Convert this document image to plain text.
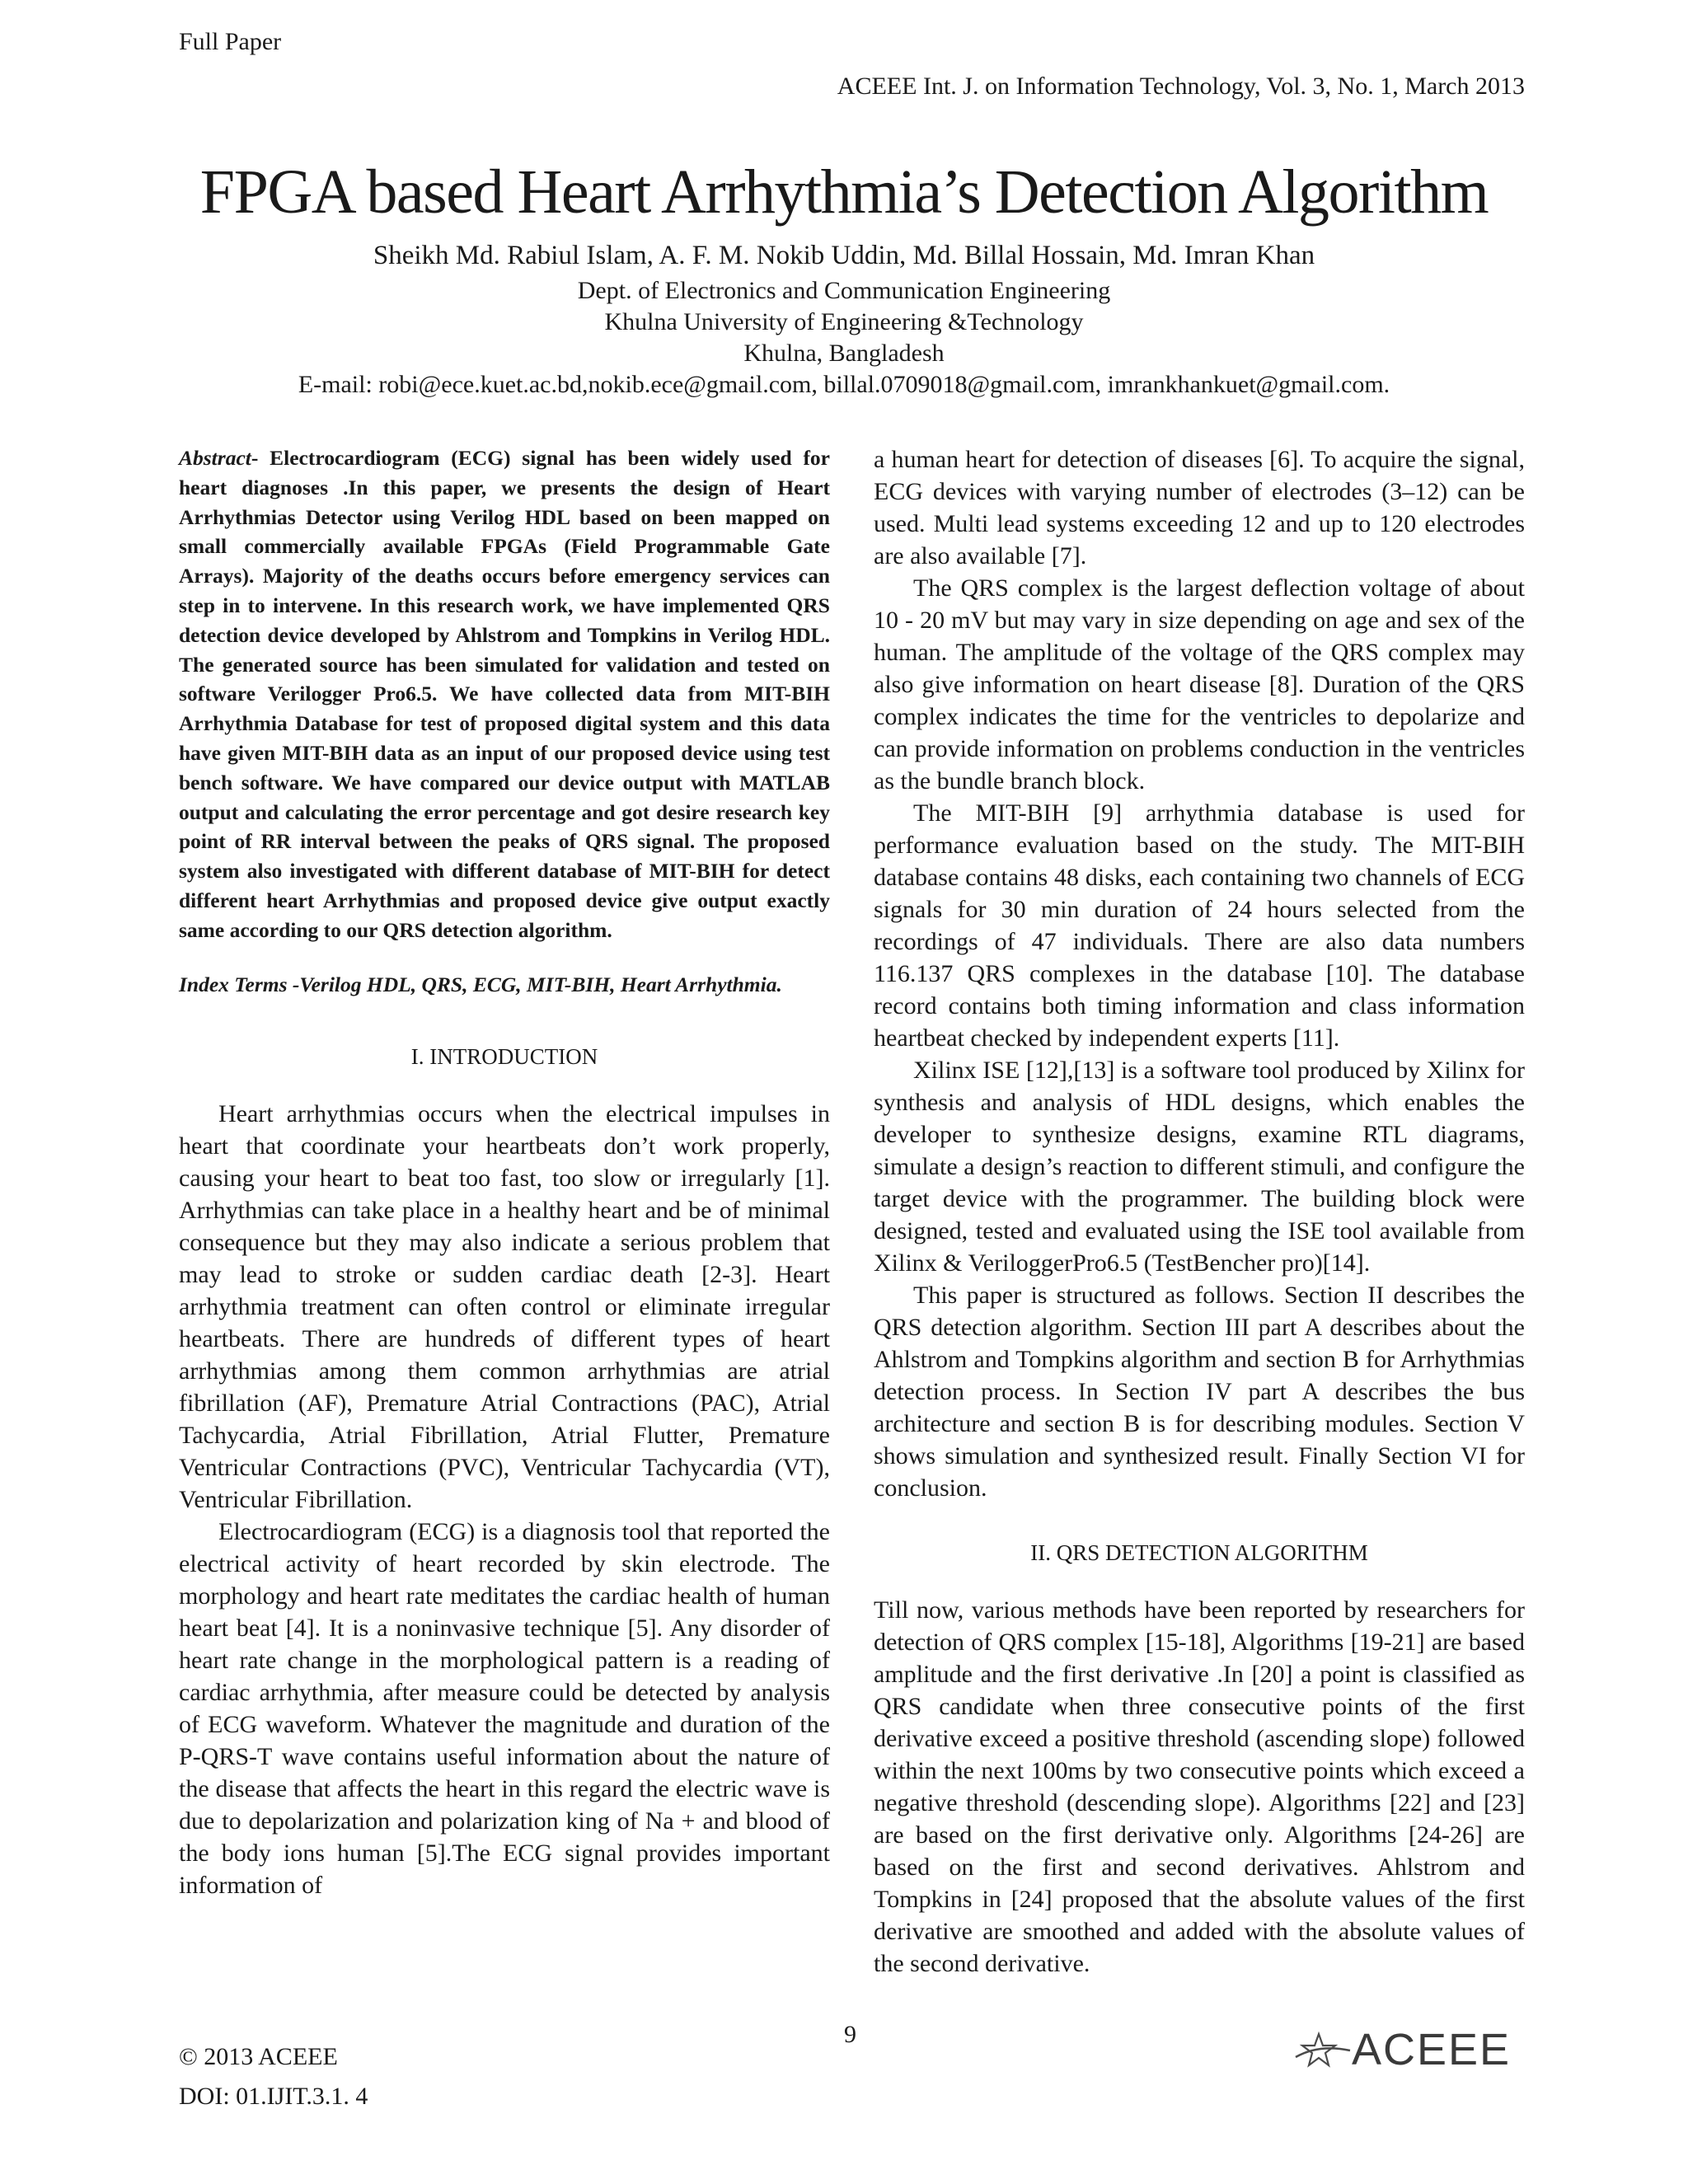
Full Paper
ACEEE Int. J. on Information Technology, Vol. 3, No. 1, March 2013
FPGA based Heart Arrhythmia’s Detection Algorithm
Sheikh Md. Rabiul Islam, A. F. M. Nokib Uddin, Md. Billal Hossain, Md. Imran Khan
Dept. of Electronics and Communication Engineering
Khulna University of Engineering &Technology
Khulna, Bangladesh
E-mail: robi@ece.kuet.ac.bd,nokib.ece@gmail.com, billal.0709018@gmail.com, imrankhankuet@gmail.com.
Abstract- Electrocardiogram (ECG) signal has been widely used for heart diagnoses .In this paper, we presents the design of Heart Arrhythmias Detector using Verilog HDL based on been mapped on small commercially available FPGAs (Field Programmable Gate Arrays). Majority of the deaths occurs before emergency services can step in to intervene. In this research work, we have implemented QRS detection device developed by Ahlstrom and Tompkins in Verilog HDL. The generated source has been simulated for validation and tested on software Verilogger Pro6.5. We have collected data from MIT-BIH Arrhythmia Database for test of proposed digital system and this data have given MIT-BIH data as an input of our proposed device using test bench software. We have compared our device output with MATLAB output and calculating the error percentage and got desire research key point of RR interval between the peaks of QRS signal. The proposed system also investigated with different database of MIT-BIH for detect different heart Arrhythmias and proposed device give output exactly same according to our QRS detection algorithm.
Index Terms -Verilog HDL, QRS, ECG, MIT-BIH, Heart Arrhythmia.
I. INTRODUCTION

Heart arrhythmias occurs when the electrical impulses in heart that coordinate your heartbeats don’t work properly, causing your heart to beat too fast, too slow or irregularly [1]. Arrhythmias can take place in a healthy heart and be of minimal consequence but they may also indicate a serious problem that may lead to stroke or sudden cardiac death [2-3]. Heart arrhythmia treatment can often control or eliminate irregular heartbeats. There are hundreds of different types of heart arrhythmias among them common arrhythmias are atrial fibrillation (AF), Premature Atrial Contractions (PAC), Atrial Tachycardia, Atrial Fibrillation, Atrial Flutter, Premature Ventricular Contractions (PVC), Ventricular Tachycardia (VT), Ventricular Fibrillation.

Electrocardiogram (ECG) is a diagnosis tool that reported the electrical activity of heart recorded by skin electrode. The morphology and heart rate meditates the cardiac health of human heart beat [4]. It is a noninvasive technique [5]. Any disorder of heart rate change in the morphological pattern is a reading of cardiac arrhythmia, after measure could be detected by analysis of ECG waveform. Whatever the magnitude and duration of the P-QRS-T wave contains useful information about the nature of the disease that affects the heart in this regard the electric wave is due to depolarization and polarization king of Na + and blood of the body ions human [5].The ECG signal provides important information of

a human heart for detection of diseases [6]. To acquire the signal, ECG devices with varying number of electrodes (3–12) can be used. Multi lead systems exceeding 12 and up to 120 electrodes are also available [7].

The QRS complex is the largest deflection voltage of about 10 - 20 mV but may vary in size depending on age and sex of the human. The amplitude of the voltage of the QRS complex may also give information on heart disease [8]. Duration of the QRS complex indicates the time for the ventricles to depolarize and can provide information on problems conduction in the ventricles as the bundle branch block.

The MIT-BIH [9] arrhythmia database is used for performance evaluation based on the study. The MIT-BIH database contains 48 disks, each containing two channels of ECG signals for 30 min duration of 24 hours selected from the recordings of 47 individuals. There are also data numbers 116.137 QRS complexes in the database [10]. The database record contains both timing information and class information heartbeat checked by independent experts [11].

Xilinx ISE [12],[13] is a software tool produced by Xilinx for synthesis and analysis of HDL designs, which enables the developer to synthesize designs, examine RTL diagrams, simulate a design’s reaction to different stimuli, and configure the target device with the programmer. The building block were designed, tested and evaluated using the ISE tool available from Xilinx & VeriloggerPro6.5 (TestBencher pro)[14].

This paper is structured as follows. Section II describes the QRS detection algorithm. Section III part A describes about the Ahlstrom and Tompkins algorithm and section B for Arrhythmias detection process. In Section IV part A describes the bus architecture and section B is for describing modules. Section V shows simulation and synthesized result. Finally Section VI for conclusion.

II. QRS DETECTION ALGORITHM

Till now, various methods have been reported by researchers for detection of QRS complex [15-18], Algorithms [19-21] are based amplitude and the first derivative .In [20] a point is classified as QRS candidate when three consecutive points of the first derivative exceed a positive threshold (ascending slope) followed within the next 100ms by two consecutive points which exceed a negative threshold (descending slope). Algorithms [22] and [23] are based on the first derivative only. Algorithms [24-26] are based on the first and second derivatives. Ahlstrom and Tompkins in [24] proposed that the absolute values of the first derivative are smoothed and added with the absolute values of the second derivative.

© 2013 ACEEE
DOI: 01.IJIT.3.1. 4
9	ACEEE
